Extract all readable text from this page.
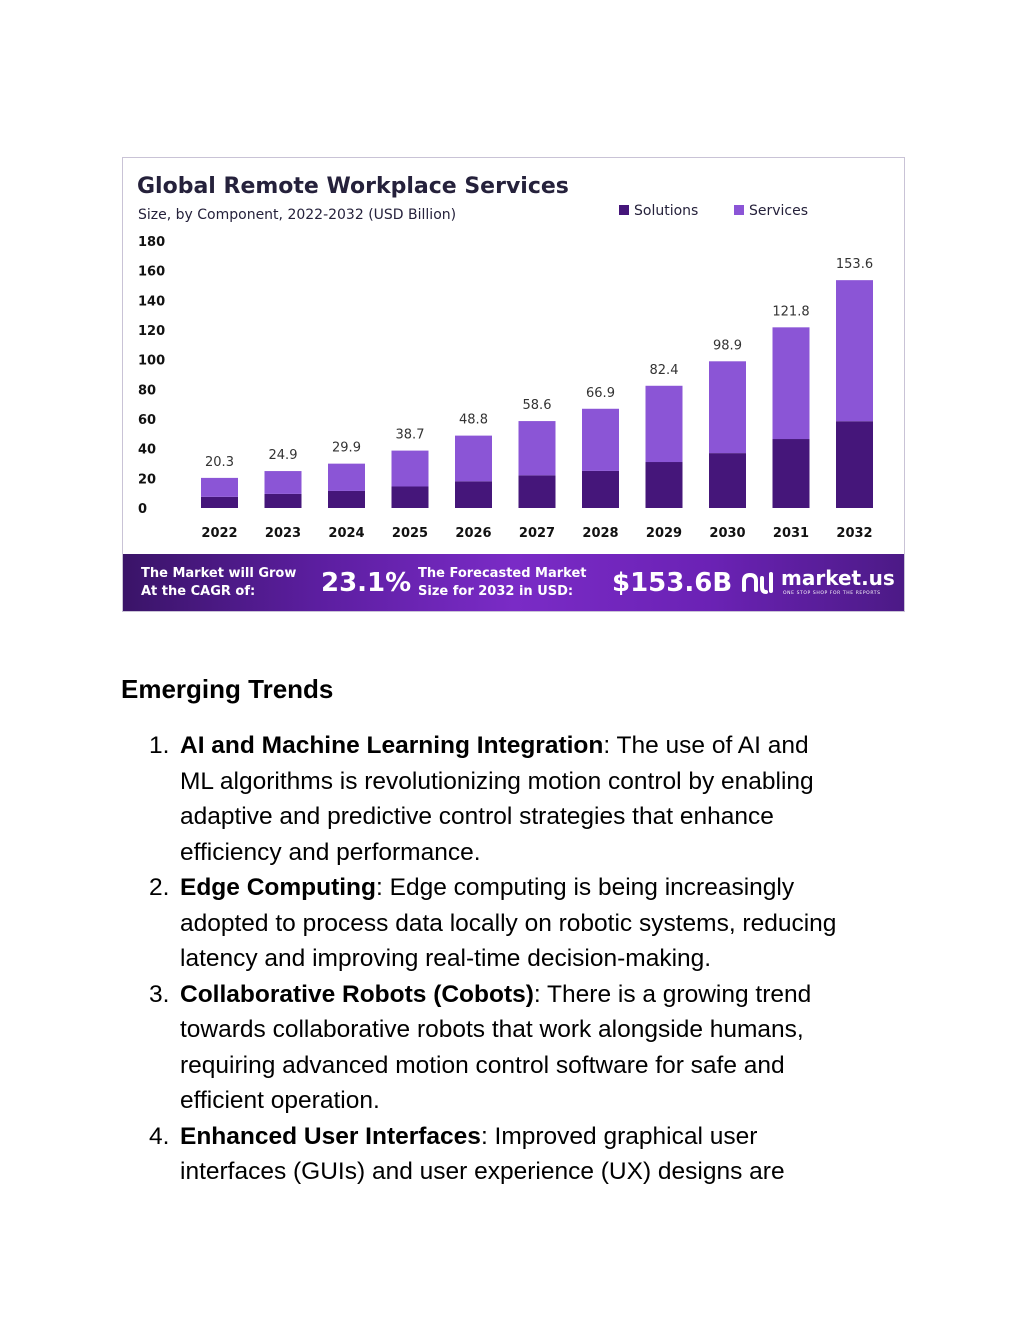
Global Remote Workplace Services
Size, by Component, 2022-2032 (USD Billion)	Solutions	Services
0
20
40
60
80
100
120
140
160
180
20.3	24.9	29.9
38.7
48.8
58.6
66.9
82.4
98.9
121.8
153.6
2022 2023 2024 2025 2026 2027 2028 2029 2030 2031 2032
The Market will Grow
At the CAGR of:	23.1% The Forecasted Market
Size for 2032 in USD: $153.6B market.us
ONE STOP SHOP FOR THE REPORTS
Emerging Trends
1. AI and Machine Learning Integration: The use of AI and
ML algorithms is revolutionizing motion control by enabling
adaptive and predictive control strategies that enhance
efficiency and performance.
2. Edge Computing: Edge computing is being increasingly
adopted to process data locally on robotic systems, reducing
latency and improving real-time decision-making.
3. Collaborative Robots (Cobots): There is a growing trend
towards collaborative robots that work alongside humans,
requiring advanced motion control software for safe and
efficient operation.
4. Enhanced User Interfaces: Improved graphical user
interfaces (GUIs) and user experience (UX) designs are
